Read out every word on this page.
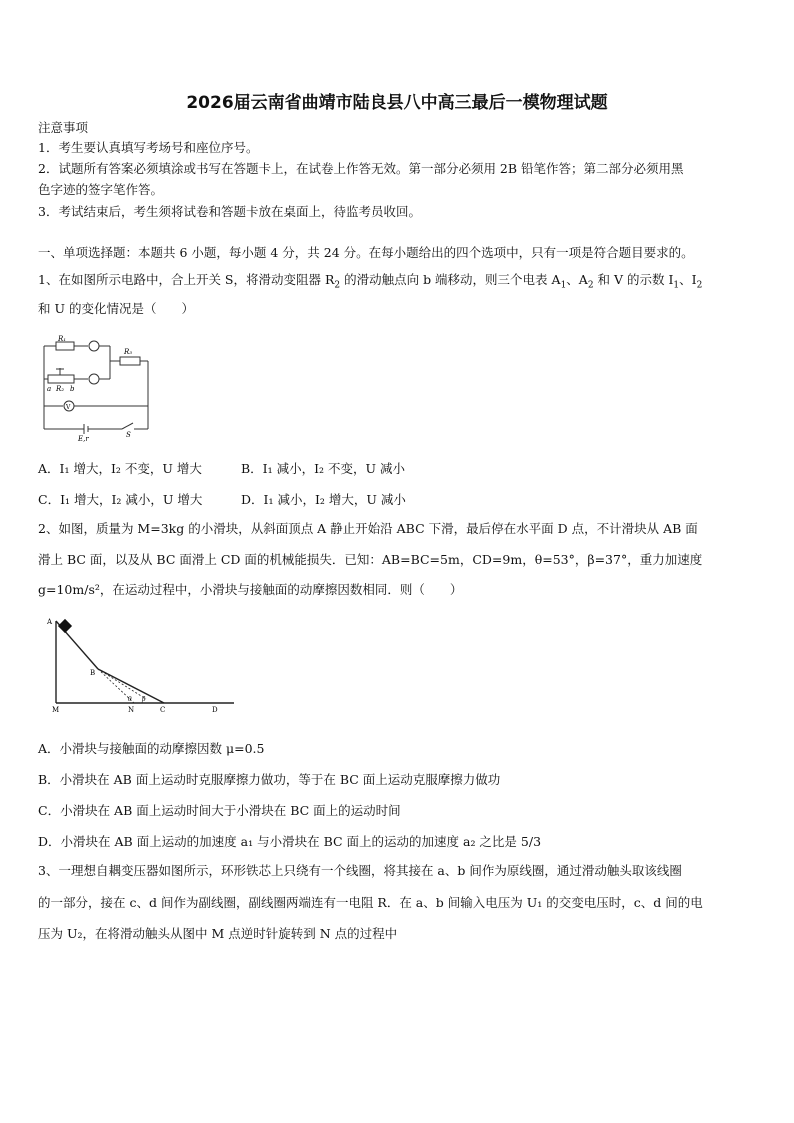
2026届云南省曲靖市陆良县八中高三最后一模物理试题
注意事项
1．考生要认真填写考场号和座位序号。
2．试题所有答案必须填涂或书写在答题卡上，在试卷上作答无效。第一部分必须用 2B 铅笔作答；第二部分必须用黑
色字迹的签字笔作答。
3．考试结束后，考生须将试卷和答题卡放在桌面上，待监考员收回。
一、单项选择题：本题共 6 小题，每小题 4 分，共 24 分。在每小题给出的四个选项中，只有一项是符合题目要求的。
1、在如图所示电路中，合上开关 S，将滑动变阻器 $R_2$ 的滑动触点向 b 端移动，则三个电表 $A_1$、$A_2$ 和 V 的示数 $I_1$、$I_2$
和 U 的变化情况是（　　）
R₁
R₃
R₂
a	b
V
E,r	S
A．I₁ 增大，I₂ 不变，U 增大	B．I₁ 减小，I₂ 不变，U 减小
C．I₁ 增大，I₂ 减小，U 增大	D．I₁ 减小，I₂ 增大，U 减小
2、如图，质量为 M=3kg 的小滑块，从斜面顶点 A 静止开始沿 ABC 下滑，最后停在水平面 D 点，不计滑块从 AB 面
滑上 BC 面，以及从 BC 面滑上 CD 面的机械能损失．已知：AB=BC=5m，CD=9m，θ=53°，β=37°，重力加速度
g=10m/s²，在运动过程中，小滑块与接触面的动摩擦因数相同．则（　　）
A
B
M	N	C	D
θ β
A．小滑块与接触面的动摩擦因数 μ=0.5
B．小滑块在 AB 面上运动时克服摩擦力做功，等于在 BC 面上运动克服摩擦力做功
C．小滑块在 AB 面上运动时间大于小滑块在 BC 面上的运动时间
D．小滑块在 AB 面上运动的加速度 a₁ 与小滑块在 BC 面上的运动的加速度 a₂ 之比是 5/3
3、一理想自耦变压器如图所示，环形铁芯上只绕有一个线圈，将其接在 a、b 间作为原线圈，通过滑动触头取该线圈
的一部分，接在 c、d 间作为副线圈，副线圈两端连有一电阻 R．在 a、b 间输入电压为 U₁ 的交变电压时，c、d 间的电
压为 U₂，在将滑动触头从图中 M 点逆时针旋转到 N 点的过程中
